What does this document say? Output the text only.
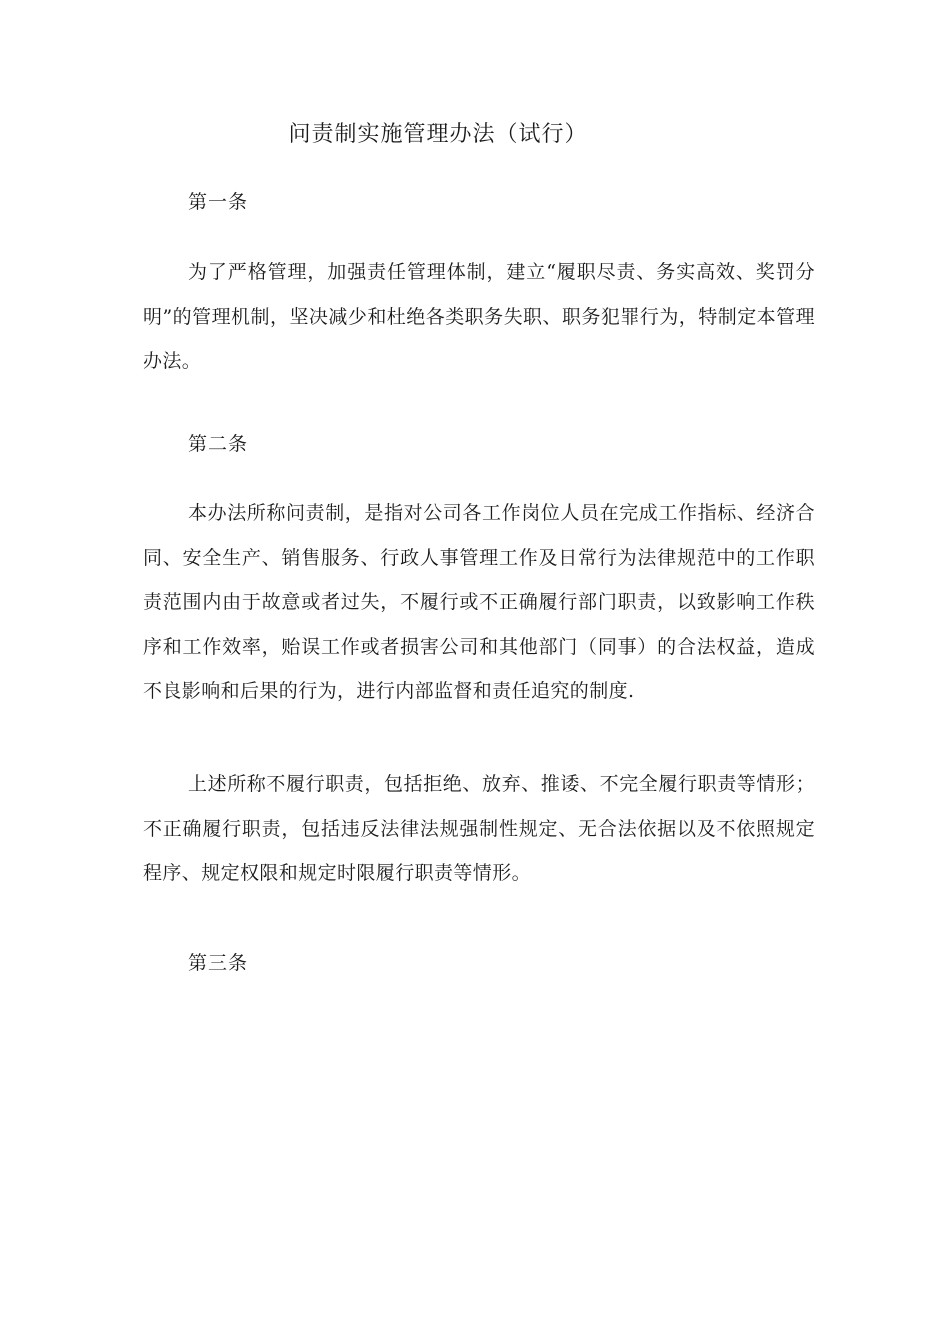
问责制实施管理办法（试行）
第一条

为了严格管理，加强责任管理体制，建立“履职尽责、务实高效、奖罚分明”的管理机制，坚决减少和杜绝各类职务失职、职务犯罪行为，特制定本管理办法。

第二条

本办法所称问责制，是指对公司各工作岗位人员在完成工作指标、经济合同、安全生产、销售服务、行政人事管理工作及日常行为法律规范中的工作职责范围内由于故意或者过失，不履行或不正确履行部门职责，以致影响工作秩序和工作效率，贻误工作或者损害公司和其他部门（同事）的合法权益，造成不良影响和后果的行为，进行内部监督和责任追究的制度.

上述所称不履行职责，包括拒绝、放弃、推诿、不完全履行职责等情形；不正确履行职责，包括违反法律法规强制性规定、无合法依据以及不依照规定程序、规定权限和规定时限履行职责等情形。

第三条
